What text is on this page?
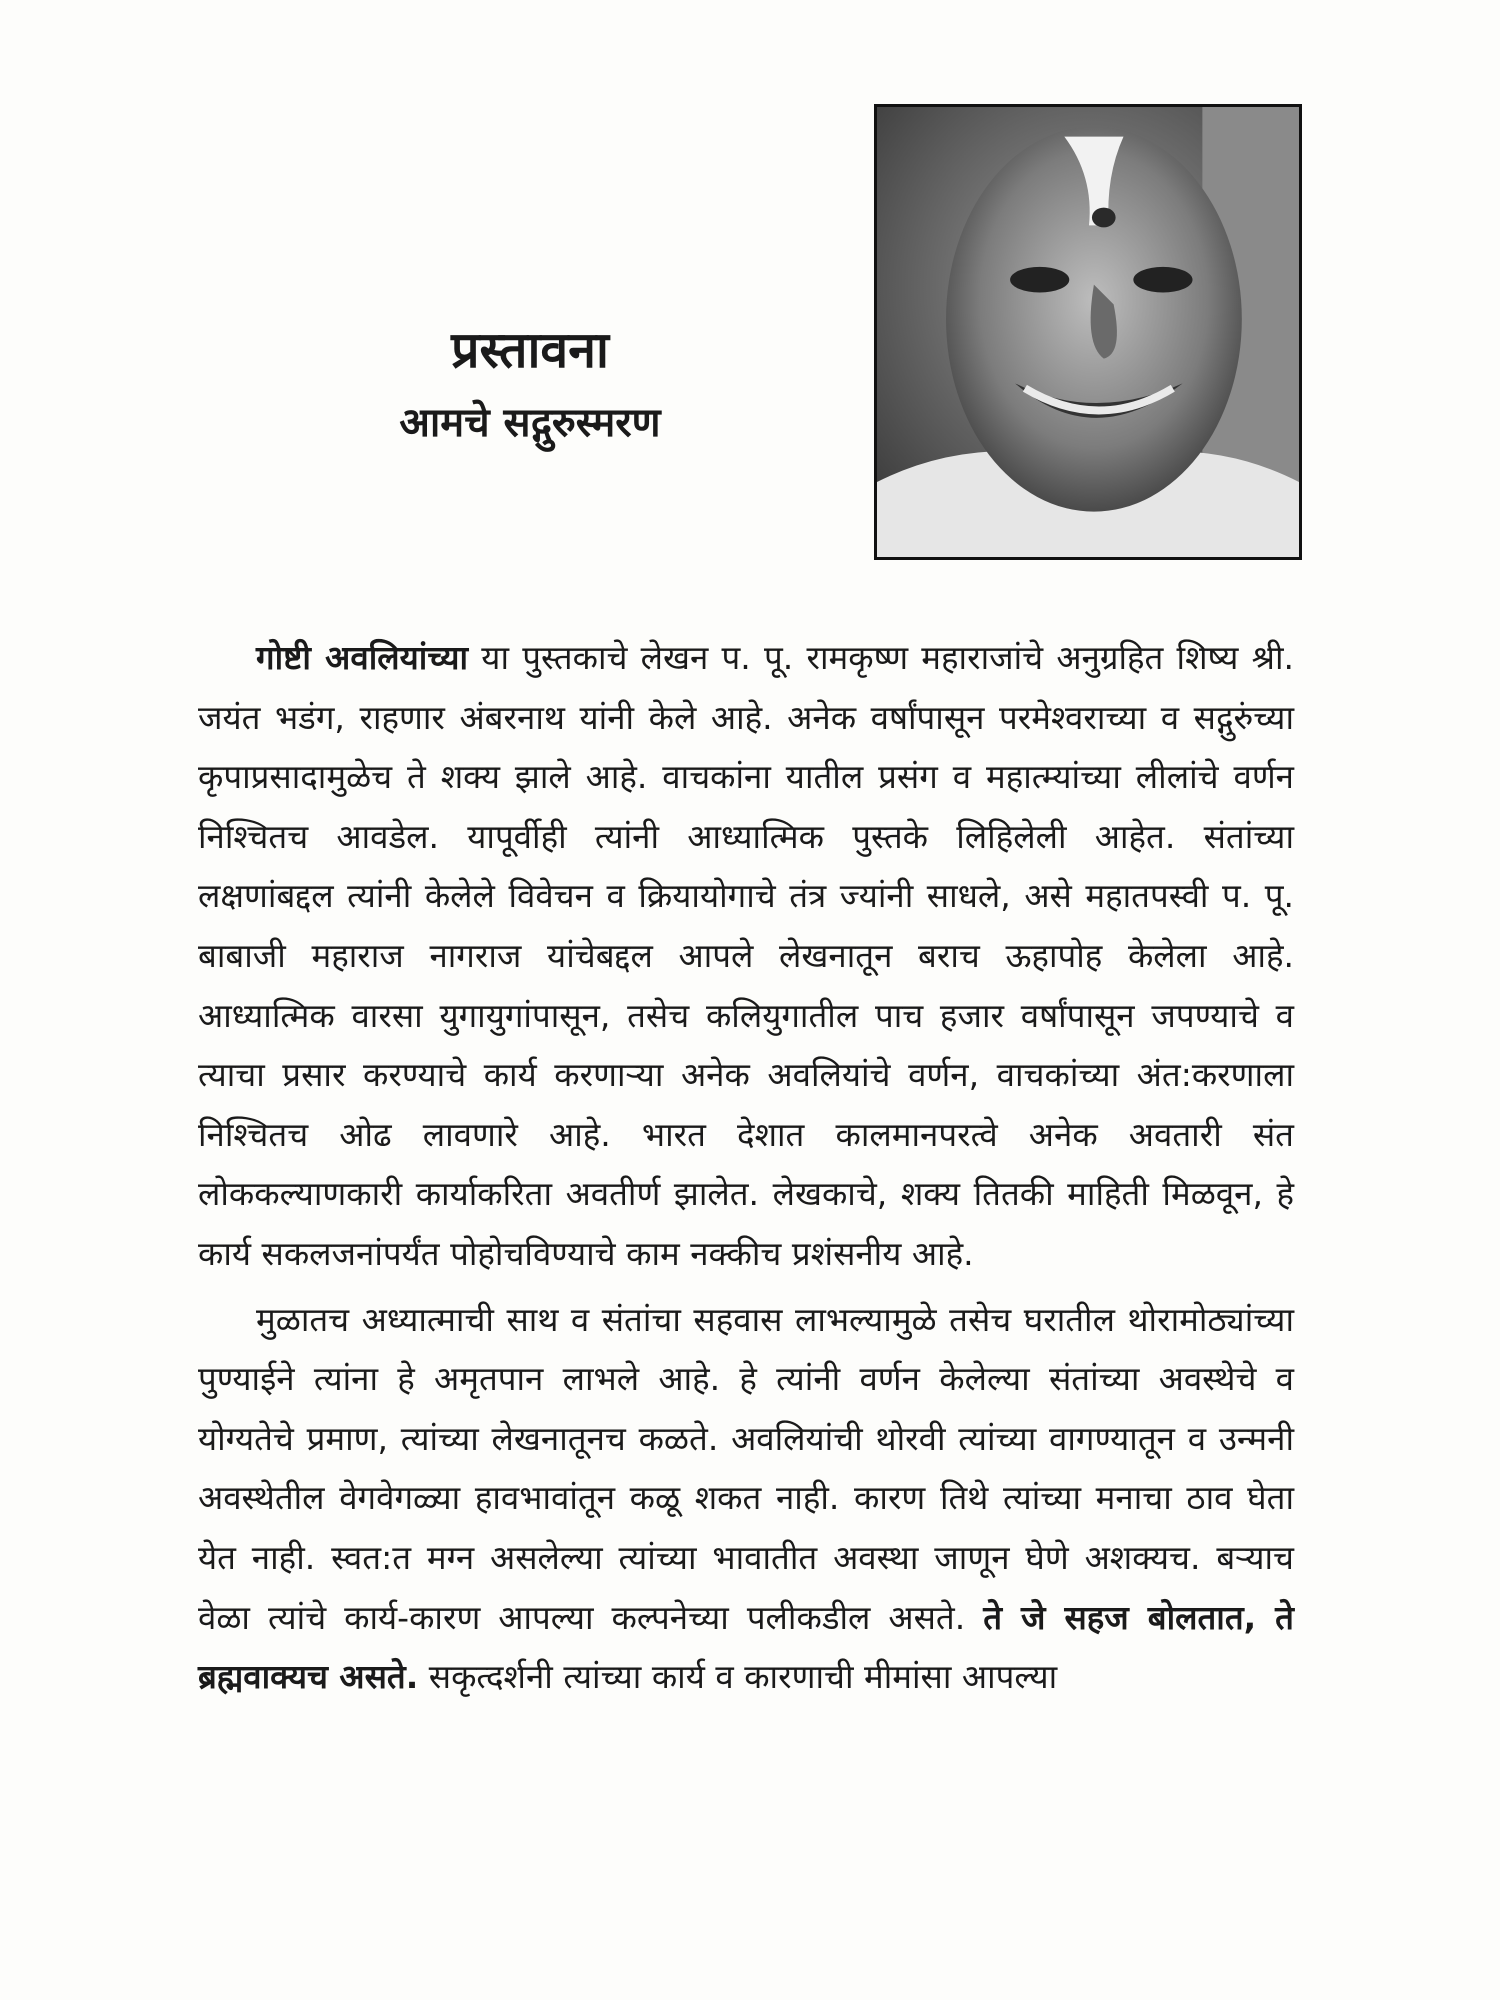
प्रस्तावना
आमचे सद्गुरुस्मरण

गोष्टी अवलियांच्या या पुस्तकाचे लेखन प. पू. रामकृष्ण महाराजांचे अनुग्रहित शिष्य श्री. जयंत भडंग, राहणार अंबरनाथ यांनी केले आहे. अनेक वर्षांपासून परमेश्वराच्या व सद्गुरुंच्या कृपाप्रसादामुळेच ते शक्य झाले आहे. वाचकांना यातील प्रसंग व महात्म्यांच्या लीलांचे वर्णन निश्चितच आवडेल. यापूर्वीही त्यांनी आध्यात्मिक पुस्तके लिहिलेली आहेत. संतांच्या लक्षणांबद्दल त्यांनी केलेले विवेचन व क्रियायोगाचे तंत्र ज्यांनी साधले, असे महातपस्वी प. पू. बाबाजी महाराज नागराज यांचेबद्दल आपले लेखनातून बराच ऊहापोह केलेला आहे. आध्यात्मिक वारसा युगायुगांपासून, तसेच कलियुगातील पाच हजार वर्षांपासून जपण्याचे व त्याचा प्रसार करण्याचे कार्य करणाऱ्या अनेक अवलियांचे वर्णन, वाचकांच्या अंत:करणाला निश्चितच ओढ लावणारे आहे. भारत देशात कालमानपरत्वे अनेक अवतारी संत लोककल्याणकारी कार्याकरिता अवतीर्ण झालेत. लेखकाचे, शक्य तितकी माहिती मिळवून, हे कार्य सकलजनांपर्यंत पोहोचविण्याचे काम नक्कीच प्रशंसनीय आहे.

मुळातच अध्यात्माची साथ व संतांचा सहवास लाभल्यामुळे तसेच घरातील थोरामोठ्यांच्या पुण्याईने त्यांना हे अमृतपान लाभले आहे. हे त्यांनी वर्णन केलेल्या संतांच्या अवस्थेचे व योग्यतेचे प्रमाण, त्यांच्या लेखनातूनच कळते. अवलियांची थोरवी त्यांच्या वागण्यातून व उन्मनी अवस्थेतील वेगवेगळ्या हावभावांतून कळू शकत नाही. कारण तिथे त्यांच्या मनाचा ठाव घेता येत नाही. स्वत:त मग्न असलेल्या त्यांच्या भावातीत अवस्था जाणून घेणे अशक्यच. बऱ्याच वेळा त्यांचे कार्य-कारण आपल्या कल्पनेच्या पलीकडील असते. ते जे सहज बोलतात, ते ब्रह्मवाक्यच असते. सकृत्दर्शनी त्यांच्या कार्य व कारणाची मीमांसा आपल्या
